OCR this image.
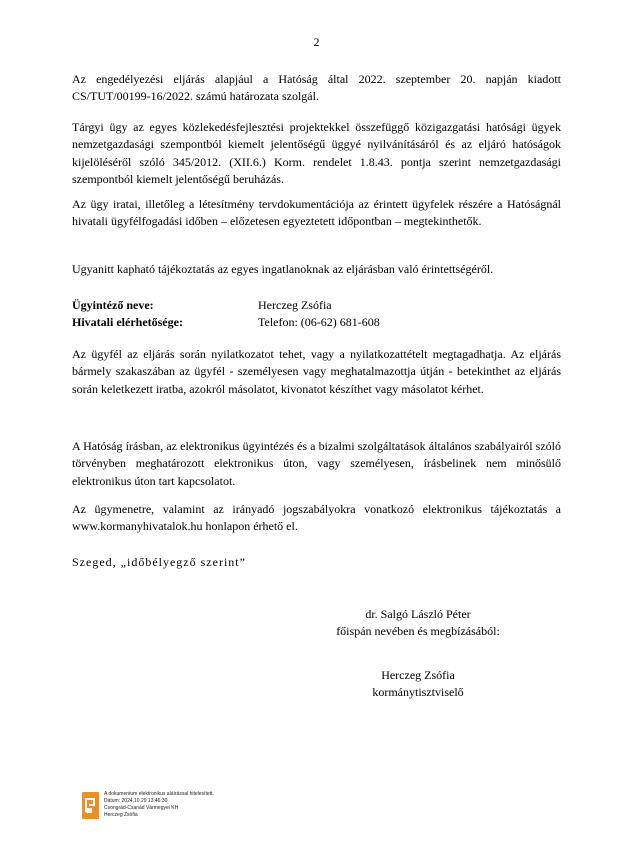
2

Az engedélyezési eljárás alapjául a Hatóság által 2022. szeptember 20. napján kiadott CS/TUT/00199-16/2022. számú határozata szolgál.

Tárgyi ügy az egyes közlekedésfejlesztési projektekkel összefüggő közigazgatási hatósági ügyek nemzetgazdasági szempontból kiemelt jelentőségű üggyé nyilvánításáról és az eljáró hatóságok kijelöléséről szóló 345/2012. (XII.6.) Korm. rendelet 1.8.43. pontja szerint nemzetgazdasági szempontból kiemelt jelentőségű beruházás.

Az ügy iratai, illetőleg a létesítmény tervdokumentációja az érintett ügyfelek részére a Hatóságnál hivatali ügyfélfogadási időben – előzetesen egyeztetett időpontban – megtekinthetők.

Ugyanitt kapható tájékoztatás az egyes ingatlanoknak az eljárásban való érintettségéről.

Ügyintéző neve:	Herczeg Zsófia
Hivatali elérhetősége:	Telefon: (06-62) 681-608

Az ügyfél az eljárás során nyilatkozatot tehet, vagy a nyilatkozattételt megtagadhatja. Az eljárás bármely szakaszában az ügyfél - személyesen vagy meghatalmazottja útján - betekinthet az eljárás során keletkezett iratba, azokról másolatot, kivonatot készíthet vagy másolatot kérhet.

A Hatóság írásban, az elektronikus ügyintézés és a bizalmi szolgáltatások általános szabályairól szóló törvényben meghatározott elektronikus úton, vagy személyesen, írásbelinek nem minősülő elektronikus úton tart kapcsolatot.

Az ügymenetre, valamint az irányadó jogszabályokra vonatkozó elektronikus tájékoztatás a www.kormanyhivatalok.hu honlapon érhető el.

Szeged, „időbélyegző szerint”
dr. Salgó László Péter
főispán nevében és megbízásából:
Herczeg Zsófia
kormánytisztviselő
A dokumentum elektronikus aláírással hitelesített.
Dátum: 2024.10.29 13:46:30
Csongrád-Csanád Vármegyei KH
Herczeg Zsófia
